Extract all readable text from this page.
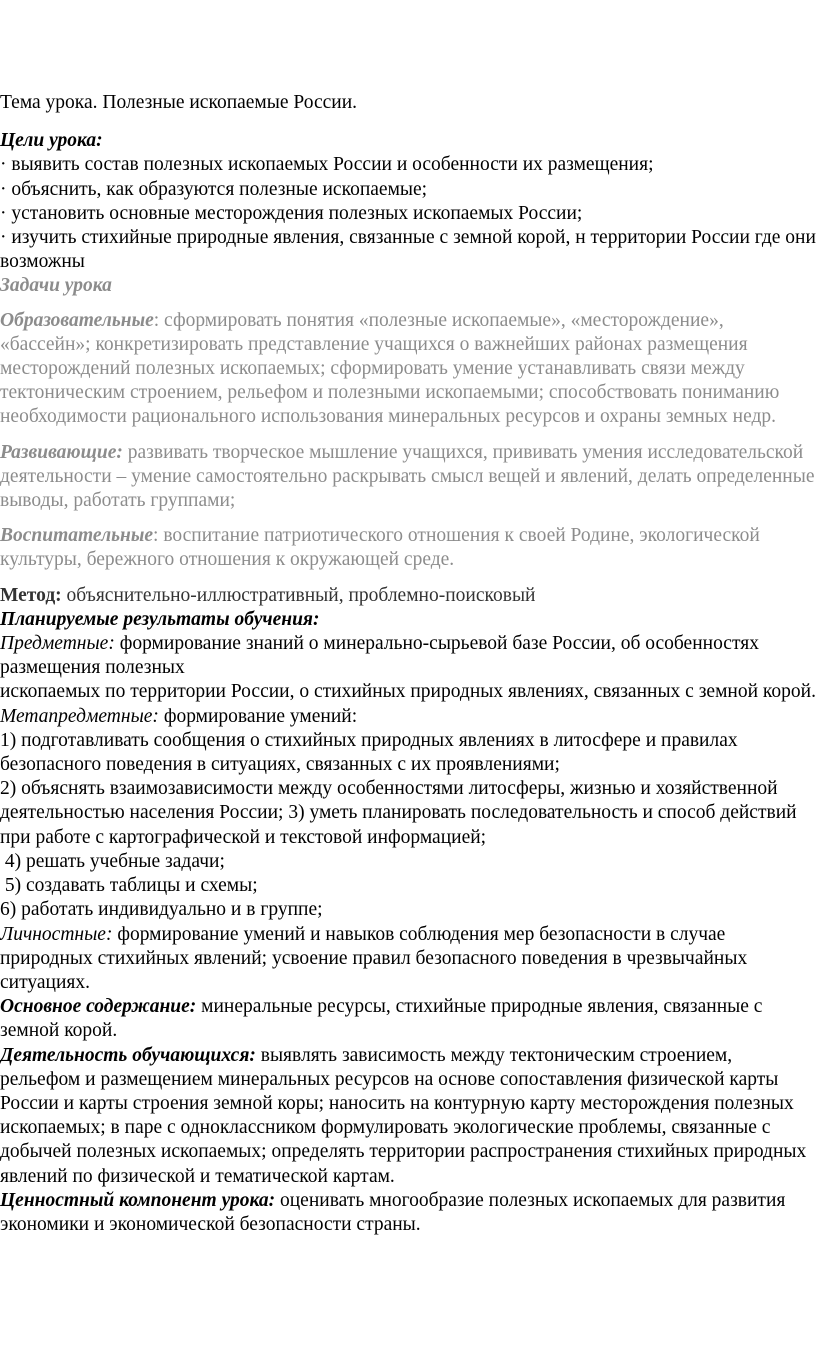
Тема урока. Полезные ископаемые России.

Цели урока:

· выявить состав полезных ископаемых России и особенности их размещения;

· объяснить, как образуются полезные ископаемые;

· установить основные месторождения полезных ископаемых России;

· изучить стихийные природные явления, связанные с земной корой, н территории России где они возможны

Задачи урока

Образовательные: сформировать понятия «полезные ископаемые», «месторождение», «бассейн»; конкретизировать представление учащихся о важнейших районах размещения месторождений полезных ископаемых; сформировать умение устанавливать связи между тектоническим строением, рельефом и полезными ископаемыми; способствовать пониманию необходимости рационального использования минеральных ресурсов и охраны земных недр.

Развивающие: развивать творческое мышление учащихся, прививать умения исследовательской деятельности – умение самостоятельно раскрывать смысл вещей и явлений, делать определенные выводы, работать группами;

Воспитательные: воспитание патриотического отношения к своей Родине, экологической культуры, бережного отношения к окружающей среде.

Метод: объяснительно-иллюстративный, проблемно-поисковый

Планируемые результаты обучения:

Предметные: формирование знаний о минерально-сырьевой базе России, об особенностях размещения полезных

ископаемых по территории России, о стихийных природных явлениях, связанных с земной корой.

Метапредметные: формирование умений:

1) подготавливать сообщения о стихийных природных явлениях в литосфере и правилах безопасного поведения в ситуациях, связанных с их проявлениями;

2) объяснять взаимозависимости между особенностями литосферы, жизнью и хозяйственной деятельностью населения России; 3) уметь планировать последовательность и способ действий при работе с картографической и текстовой информацией;

4) решать учебные задачи;

5) создавать таблицы и схемы;

6) работать индивидуально и в группе;

Личностные: формирование умений и навыков соблюдения мер безопасности в случае природных стихийных явлений; усвоение правил безопасного поведения в чрезвычайных ситуациях.

Основное содержание: минеральные ресурсы, стихийные природные явления, связанные с земной корой.

Деятельность обучающихся: выявлять зависимость между тектоническим строением, рельефом и размещением минеральных ресурсов на основе сопоставления физической карты России и карты строения земной коры; наносить на контурную карту месторождения полезных ископаемых; в паре с одноклассником формулировать экологические проблемы, связанные с добычей полезных ископаемых; определять территории распространения стихийных природных явлений по физической и тематической картам.

Ценностный компонент урока: оценивать многообразие полезных ископаемых для развития экономики и экономической безопасности страны.
